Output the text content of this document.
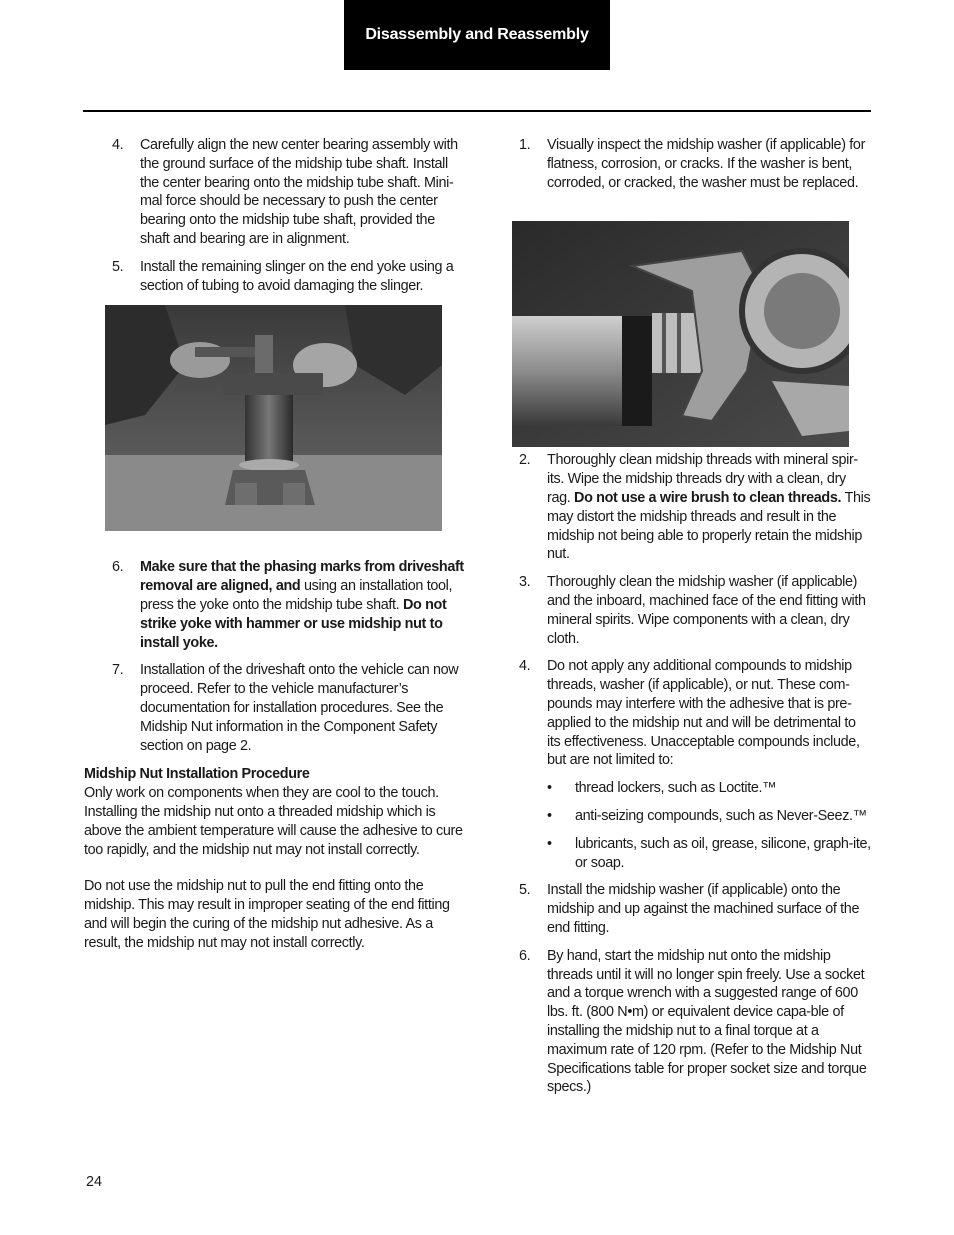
Disassembly and Reassembly
4. Carefully align the new center bearing assembly with the ground surface of the midship tube shaft. Install the center bearing onto the midship tube shaft. Mini-mal force should be necessary to push the center bearing onto the midship tube shaft, provided the shaft and bearing are in alignment.

5. Install the remaining slinger on the end yoke using a section of tubing to avoid damaging the slinger.

6. Make sure that the phasing marks from driveshaft removal are aligned, and using an installation tool, press the yoke onto the midship tube shaft. Do not strike yoke with hammer or use midship nut to install yoke.

7. Installation of the driveshaft onto the vehicle can now proceed. Refer to the vehicle manufacturer’s documentation for installation procedures. See the Midship Nut information in the Component Safety section on page 2.

Midship Nut Installation Procedure

Only work on components when they are cool to the touch. Installing the midship nut onto a threaded midship which is above the ambient temperature will cause the adhesive to cure too rapidly, and the midship nut may not install correctly.

Do not use the midship nut to pull the end fitting onto the midship. This may result in improper seating of the end fitting and will begin the curing of the midship nut adhesive. As a result, the midship nut may not install correctly.

1. Visually inspect the midship washer (if applicable) for flatness, corrosion, or cracks. If the washer is bent, corroded, or cracked, the washer must be replaced.

2. Thoroughly clean midship threads with mineral spir-its. Wipe the midship threads dry with a clean, dry rag. Do not use a wire brush to clean threads. This may distort the midship threads and result in the midship not being able to properly retain the midship nut.

3. Thoroughly clean the midship washer (if applicable) and the inboard, machined face of the end fitting with mineral spirits. Wipe components with a clean, dry cloth.

4. Do not apply any additional compounds to midship threads, washer (if applicable), or nut. These com-pounds may interfere with the adhesive that is pre-applied to the midship nut and will be detrimental to its effectiveness. Unacceptable compounds include, but are not limited to:

• thread lockers, such as Loctite.™

• anti-seizing compounds, such as Never-Seez.™

• lubricants, such as oil, grease, silicone, graph-ite, or soap.

5. Install the midship washer (if applicable) onto the midship and up against the machined surface of the end fitting.

6. By hand, start the midship nut onto the midship threads until it will no longer spin freely. Use a socket and a torque wrench with a suggested range of 600 lbs. ft. (800 N•m) or equivalent device capa-ble of installing the midship nut to a final torque at a maximum rate of 120 rpm. (Refer to the Midship Nut Specifications table for proper socket size and torque specs.)

24
